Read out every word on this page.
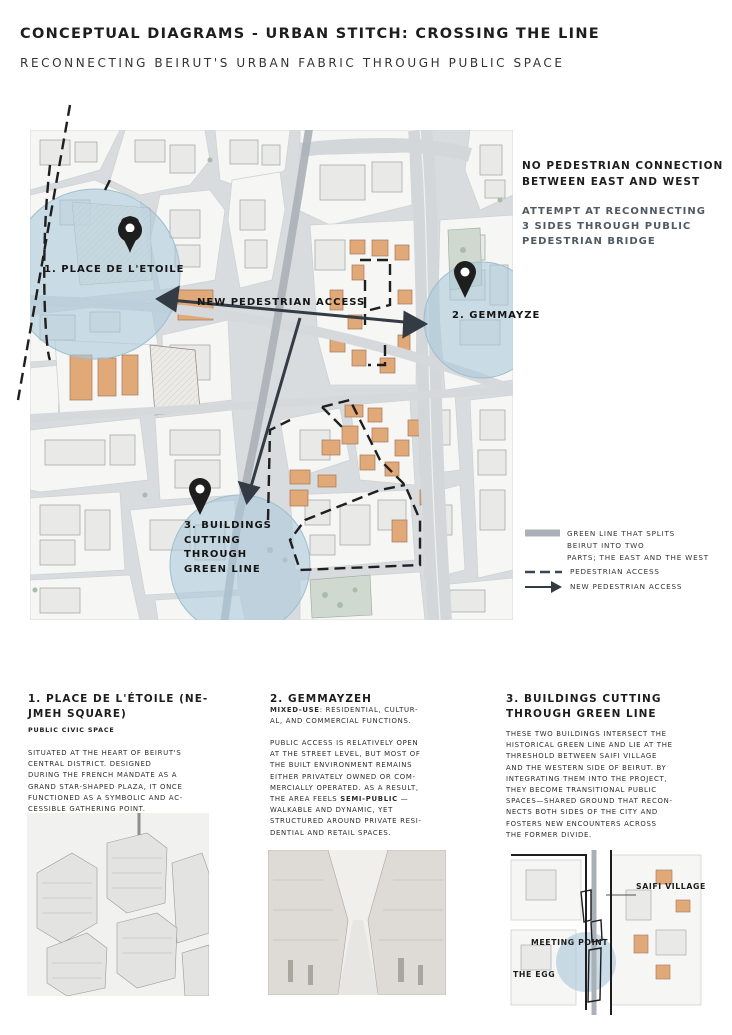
CONCEPTUAL DIAGRAMS - URBAN STITCH: CROSSING THE LINE
RECONNECTING BEIRUT'S URBAN FABRIC THROUGH PUBLIC SPACE
1. PLACE DE L'ETOILE
2. GEMMAYZE
NEW PEDESTRIAN ACCESS
3. BUILDINGS
CUTTING
THROUGH
GREEN LINE
NO PEDESTRIAN CONNECTION
BETWEEN EAST AND WEST
ATTEMPT AT RECONNECTING
3 SIDES THROUGH PUBLIC
PEDESTRIAN BRIDGE
GREEN LINE THAT SPLITS
BEIRUT INTO TWO
PARTS; THE EAST AND THE WEST
PEDESTRIAN ACCESS
NEW PEDESTRIAN ACCESS
1. PLACE DE L'ÉTOILE (NE-
JMEH SQUARE)
PUBLIC CIVIC SPACE
SITUATED AT THE HEART OF BEIRUT'S
CENTRAL DISTRICT. DESIGNED
DURING THE FRENCH MANDATE AS A
GRAND STAR-SHAPED PLAZA, IT ONCE
FUNCTIONED AS A SYMBOLIC AND AC-
CESSIBLE GATHERING POINT.
2. GEMMAYZEH
MIXED-USE: RESIDENTIAL, CULTUR-
AL, AND COMMERCIAL FUNCTIONS.
PUBLIC ACCESS IS RELATIVELY OPEN
AT THE STREET LEVEL, BUT MOST OF
THE BUILT ENVIRONMENT REMAINS
EITHER PRIVATELY OWNED OR COM-
MERCIALLY OPERATED. AS A RESULT,
THE AREA FEELS SEMI-PUBLIC —
WALKABLE AND DYNAMIC, YET
STRUCTURED AROUND PRIVATE RESI-
DENTIAL AND RETAIL SPACES.
3. BUILDINGS CUTTING
THROUGH GREEN LINE
THESE TWO BUILDINGS INTERSECT THE
HISTORICAL GREEN LINE AND LIE AT THE
THRESHOLD BETWEEN SAIFI VILLAGE
AND THE WESTERN SIDE OF BEIRUT. BY
INTEGRATING THEM INTO THE PROJECT,
THEY BECOME TRANSITIONAL PUBLIC
SPACES—SHARED GROUND THAT RECON-
NECTS BOTH SIDES OF THE CITY AND
FOSTERS NEW ENCOUNTERS ACROSS
THE FORMER DIVIDE.
SAIFI VILLAGE
MEETING POINT
THE EGG
